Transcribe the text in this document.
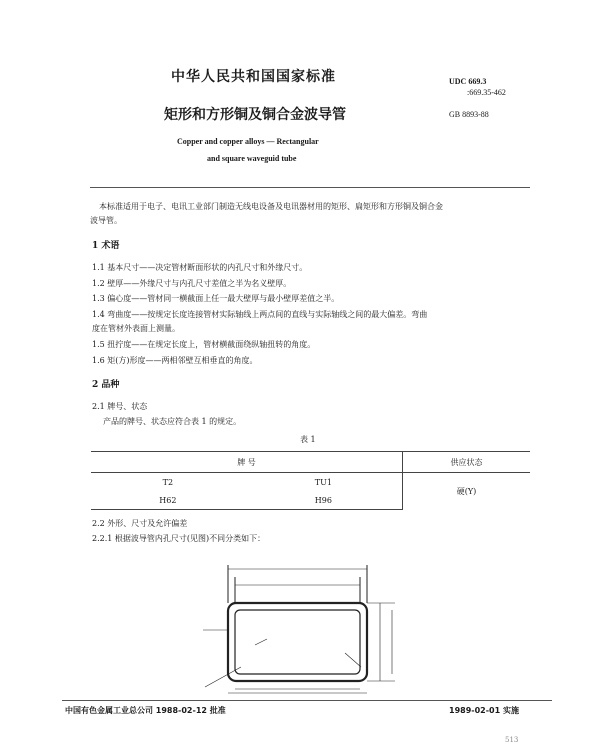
中华人民共和国国家标准
矩形和方形铜及铜合金波导管
Copper and copper alloys — Rectangular
and square waveguid tube
UDC 669.3
:669.35-462
GB 8893-88
本标准适用于电子、电讯工业部门制造无线电设备及电讯器材用的矩形、扁矩形和方形铜及铜合金
波导管。
1 术语
1.1 基本尺寸——决定管材断面形状的内孔尺寸和外缘尺寸。
1.2 壁厚——外缘尺寸与内孔尺寸差值之半为名义壁厚。
1.3 偏心度——管材同一横截面上任一最大壁厚与最小壁厚差值之半。
1.4 弯曲度——按规定长度连接管材实际轴线上两点间的直线与实际轴线之间的最大偏差。弯曲
度在管材外表面上测量。
1.5 扭拧度——在规定长度上，管材横截面绕纵轴扭转的角度。
1.6 矩(方)形度——两相邻壁互相垂直的角度。
2 品种
2.1 牌号、状态
产品的牌号、状态应符合表 1 的规定。
表 1
牌 号		供应状态
T2	TU1	硬(Y)
H62	H96	
2.2 外形、尺寸及允许偏差
2.2.1 根据波导管内孔尺寸(见图)不同分类如下：
中国有色金属工业总公司 1988-02-12 批准	1989-02-01 实施
513
